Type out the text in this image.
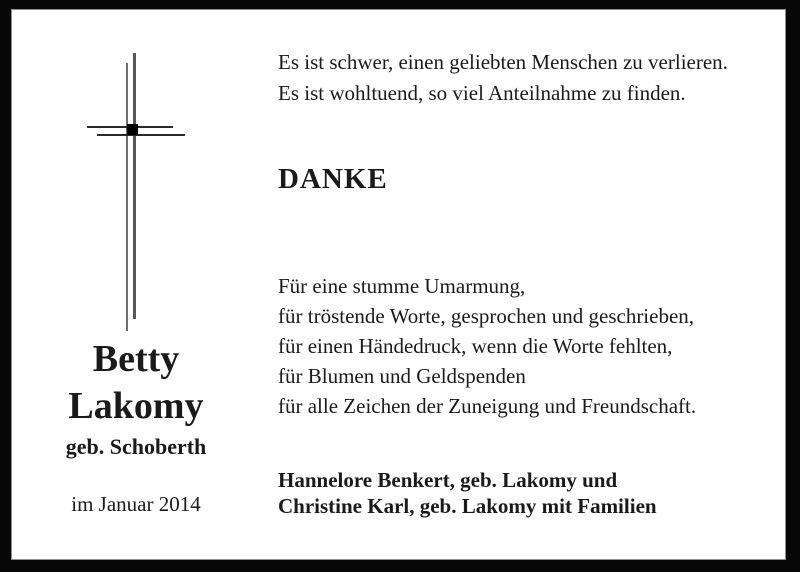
Betty
Lakomy
geb. Schoberth
im Januar 2014
Es ist schwer, einen geliebten Menschen zu verlieren.
Es ist wohltuend, so viel Anteilnahme zu finden.
DANKE
Für eine stumme Umarmung,
für tröstende Worte, gesprochen und geschrieben,
für einen Händedruck, wenn die Worte fehlten,
für Blumen und Geldspenden
für alle Zeichen der Zuneigung und Freundschaft.
Hannelore Benkert, geb. Lakomy und
Christine Karl, geb. Lakomy mit Familien
